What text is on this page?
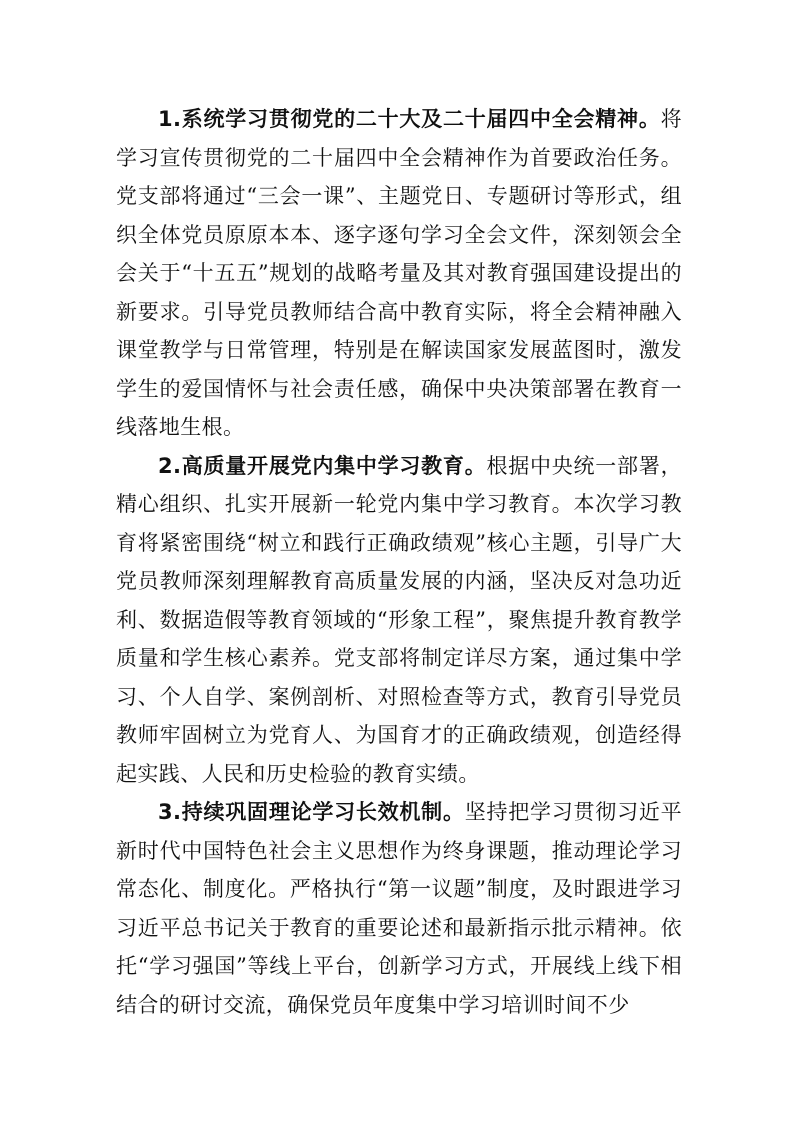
1.系统学习贯彻党的二十大及二十届四中全会精神。将学习宣传贯彻党的二十届四中全会精神作为首要政治任务。党支部将通过“三会一课”、主题党日、专题研讨等形式，组织全体党员原原本本、逐字逐句学习全会文件，深刻领会全会关于“十五五”规划的战略考量及其对教育强国建设提出的新要求。引导党员教师结合高中教育实际，将全会精神融入课堂教学与日常管理，特别是在解读国家发展蓝图时，激发学生的爱国情怀与社会责任感，确保中央决策部署在教育一线落地生根。

2.高质量开展党内集中学习教育。根据中央统一部署，精心组织、扎实开展新一轮党内集中学习教育。本次学习教育将紧密围绕“树立和践行正确政绩观”核心主题，引导广大党员教师深刻理解教育高质量发展的内涵，坚决反对急功近利、数据造假等教育领域的“形象工程”，聚焦提升教育教学质量和学生核心素养。党支部将制定详尽方案，通过集中学习、个人自学、案例剖析、对照检查等方式，教育引导党员教师牢固树立为党育人、为国育才的正确政绩观，创造经得起实践、人民和历史检验的教育实绩。

3.持续巩固理论学习长效机制。坚持把学习贯彻习近平新时代中国特色社会主义思想作为终身课题，推动理论学习常态化、制度化。严格执行“第一议题”制度，及时跟进学习习近平总书记关于教育的重要论述和最新指示批示精神。依托“学习强国”等线上平台，创新学习方式，开展线上线下相结合的研讨交流，确保党员年度集中学习培训时间不少
